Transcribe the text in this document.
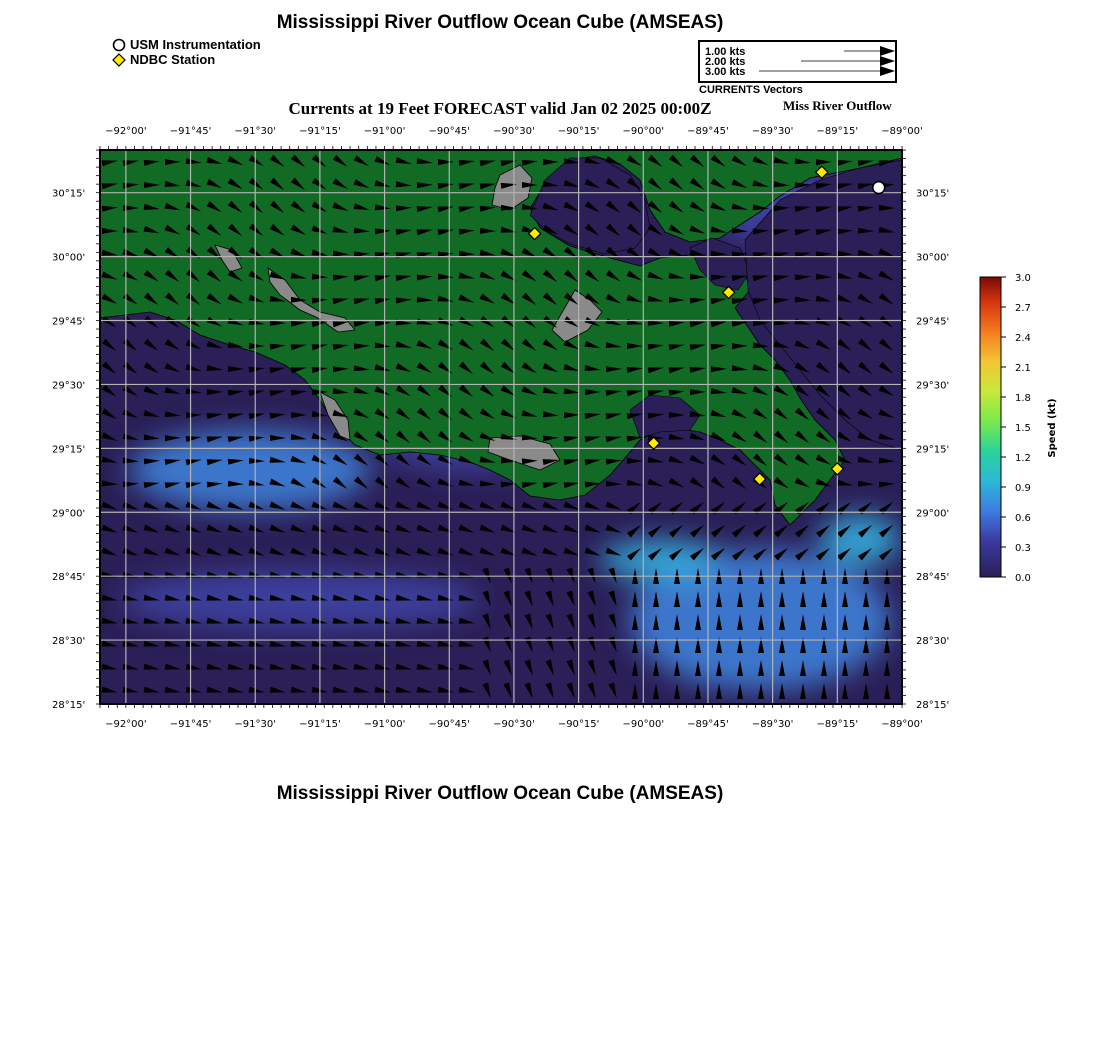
Mississippi River Outflow Ocean Cube (AMSEAS)
USM Instrumentation
NDBC Station	1.00 kts
2.00 kts
3.00 kts
CURRENTS Vectors
Currents at 19 Feet FORECAST valid Jan 02 2025 00:00Z	Miss River Outflow
−92°00'
−92°00'
−91°45'
−91°45'
−91°30'
−91°30'
−91°15'
−91°15'
−91°00'
−91°00'
−90°45'
−90°45'
−90°30'
−90°30'
−90°15'
−90°15'
−90°00'
−90°00'
−89°45'
−89°45'
−89°30'
−89°30'
−89°15'
−89°15'
−89°00'
−89°00'
30°15'	30°15'
30°00'	30°00'
29°45'	29°45'
29°30'	29°30'
29°15'	29°15'
29°00'	29°00'
28°45'	28°45'
28°30'	28°30'
28°15'	28°15'
0.0
0.3
0.6
0.9
1.2
1.5
1.8
2.1
2.4
2.7
3.0
Speed (kt)
Mississippi River Outflow Ocean Cube (AMSEAS)
